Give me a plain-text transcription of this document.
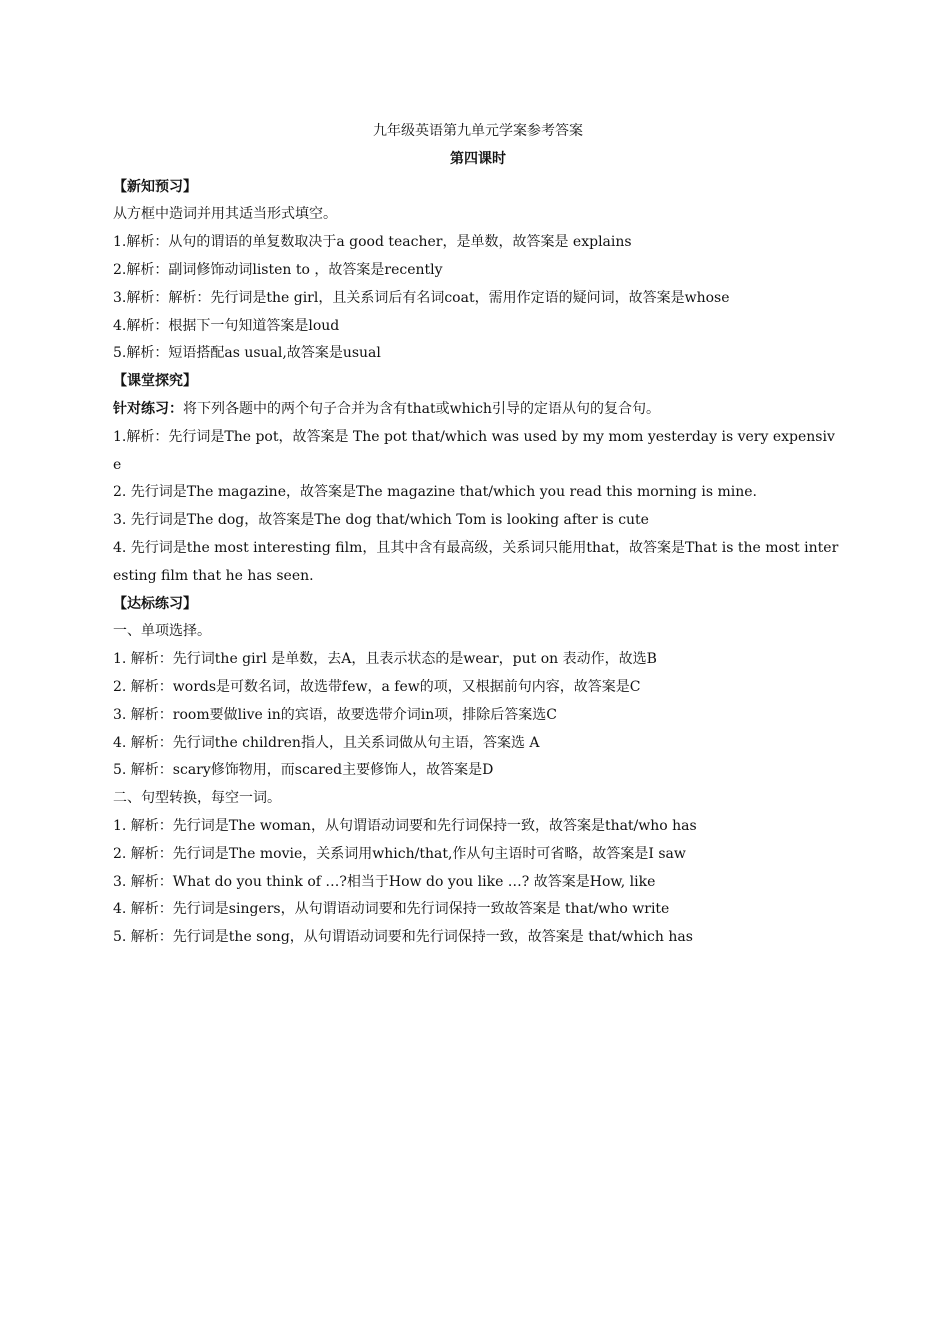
九年级英语第九单元学案参考答案
第四课时
【新知预习】
从方框中造词并用其适当形式填空。
1.解析：从句的谓语的单复数取决于a good teacher，是单数，故答案是 explains
2.解析：副词修饰动词listen to ，故答案是recently
3.解析：解析：先行词是the girl，且关系词后有名词coat，需用作定语的疑问词，故答案是whose
4.解析：根据下一句知道答案是loud
5.解析：短语搭配as usual,故答案是usual
【课堂探究】
针对练习：将下列各题中的两个句子合并为含有that或which引导的定语从句的复合句。
1.解析：先行词是The pot，故答案是 The pot that/which was used by my mom yesterday is very expensive
2. 先行词是The magazine，故答案是The magazine that/which you read this morning is mine.
3. 先行词是The dog，故答案是The dog that/which Tom is looking after is cute
4. 先行词是the most interesting film，且其中含有最高级，关系词只能用that，故答案是That is the most interesting film that he has seen.
【达标练习】
一、单项选择。
1. 解析：先行词the girl 是单数，去A，且表示状态的是wear，put on 表动作，故选B
2. 解析：words是可数名词，故选带few，a few的项，又根据前句内容，故答案是C
3. 解析：room要做live in的宾语，故要选带介词in项，排除后答案选C
4. 解析：先行词the children指人，且关系词做从句主语，答案选 A
5. 解析：scary修饰物用，而scared主要修饰人，故答案是D
二、句型转换，每空一词。
1. 解析：先行词是The woman，从句谓语动词要和先行词保持一致，故答案是that/who has
2. 解析：先行词是The movie，关系词用which/that,作从句主语时可省略，故答案是I saw
3. 解析：What do you think of …?相当于How do you like …? 故答案是How, like
4. 解析：先行词是singers，从句谓语动词要和先行词保持一致故答案是 that/who write
5. 解析：先行词是the song，从句谓语动词要和先行词保持一致，故答案是 that/which has
